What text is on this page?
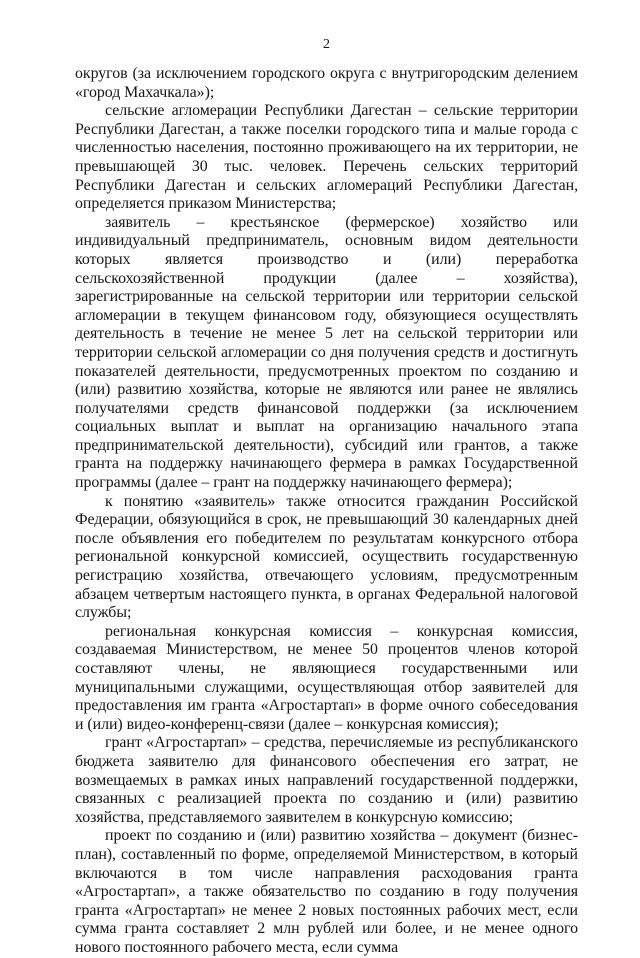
2

округов (за исключением городского округа с внутригородским делением «город Махачкала»);

сельские агломерации Республики Дагестан – сельские территории Республики Дагестан, а также поселки городского типа и малые города с численностью населения, постоянно проживающего на их территории, не превышающей 30 тыс. человек. Перечень сельских территорий Республики Дагестан и сельских агломераций Республики Дагестан, определяется приказом Министерства;

заявитель – крестьянское (фермерское) хозяйство или индивидуальный предприниматель, основным видом деятельности которых является производство и (или) переработка сельскохозяйственной продукции (далее – хозяйства), зарегистрированные на сельской территории или территории сельской агломерации в текущем финансовом году, обязующиеся осуществлять деятельность в течение не менее 5 лет на сельской территории или территории сельской агломерации со дня получения средств и достигнуть показателей деятельности, предусмотренных проектом по созданию и (или) развитию хозяйства, которые не являются или ранее не являлись получателями средств финансовой поддержки (за исключением социальных выплат и выплат на организацию начального этапа предпринимательской деятельности), субсидий или грантов, а также гранта на поддержку начинающего фермера в рамках Государственной программы (далее – грант на поддержку начинающего фермера);

к понятию «заявитель» также относится гражданин Российской Федерации, обязующийся в срок, не превышающий 30 календарных дней после объявления его победителем по результатам конкурсного отбора региональной конкурсной комиссией, осуществить государственную регистрацию хозяйства, отвечающего условиям, предусмотренным абзацем четвертым настоящего пункта, в органах Федеральной налоговой службы;

региональная конкурсная комиссия – конкурсная комиссия, создаваемая Министерством, не менее 50 процентов членов которой составляют члены, не являющиеся государственными или муниципальными служащими, осуществляющая отбор заявителей для предоставления им гранта «Агростартап» в форме очного собеседования и (или) видео-конференц-связи (далее – конкурсная комиссия);

грант «Агростартап» – средства, перечисляемые из республиканского бюджета заявителю для финансового обеспечения его затрат, не возмещаемых в рамках иных направлений государственной поддержки, связанных с реализацией проекта по созданию и (или) развитию хозяйства, представляемого заявителем в конкурсную комиссию;

проект по созданию и (или) развитию хозяйства – документ (бизнес-план), составленный по форме, определяемой Министерством, в который включаются в том числе направления расходования гранта «Агростартап», а также обязательство по созданию в году получения гранта «Агростартап» не менее 2 новых постоянных рабочих мест, если сумма гранта составляет 2 млн рублей или более, и не менее одного нового постоянного рабочего места, если сумма
